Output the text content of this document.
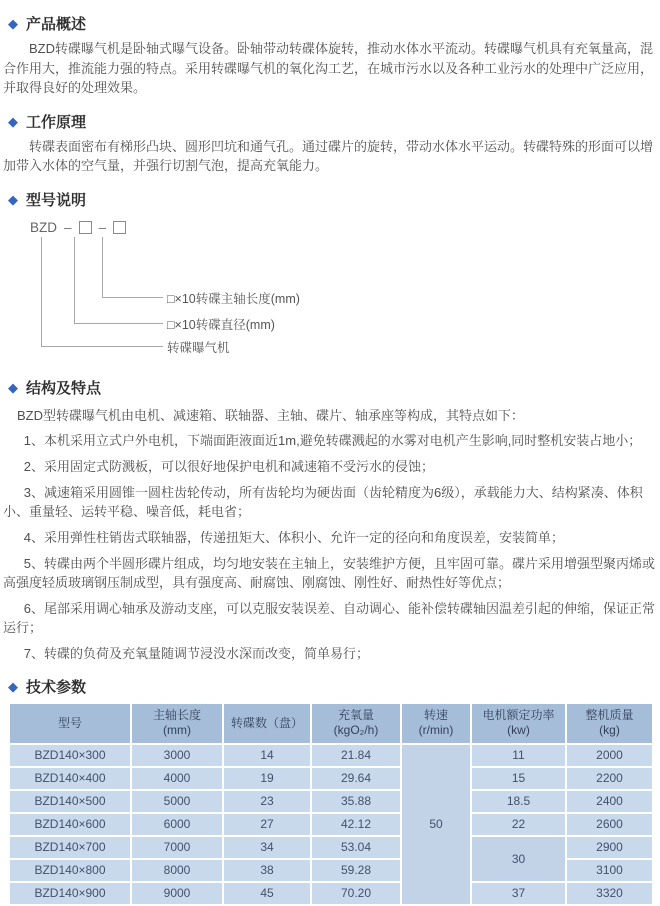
◆ 产品概述

BZD转碟曝气机是卧轴式曝气设备。卧轴带动转碟体旋转，推动水体水平流动。转碟曝气机具有充氧量高，混合作用大，推流能力强的特点。采用转碟曝气机的氧化沟工艺，在城市污水以及各种工业污水的处理中广泛应用，并取得良好的处理效果。

◆ 工作原理

转碟表面密布有梯形凸块、圆形凹坑和通气孔。通过碟片的旋转，带动水体水平运动。转碟特殊的形面可以增加带入水体的空气量，并强行切割气泡，提高充氧能力。

◆ 型号说明
BZD – –
□×10转碟主轴长度(mm)
□×10转碟直径(mm)
转碟曝气机
◆ 结构及特点

BZD型转碟曝气机由电机、减速箱、联轴器、主轴、碟片、轴承座等构成，其特点如下：

1、本机采用立式户外电机，下端面距液面近1m,避免转碟溅起的水雾对电机产生影响,同时整机安装占地小；
2、采用固定式防溅板，可以很好地保护电机和减速箱不受污水的侵蚀；
3、减速箱采用圆锥一圆柱齿轮传动，所有齿轮均为硬齿面（齿轮精度为6级），承载能力大、结构紧凑、体积小、重量轻、运转平稳、噪音低，耗电省；
4、采用弹性柱销齿式联轴器，传递扭矩大、体积小、允许一定的径向和角度误差，安装简单；
5、转碟由两个半圆形碟片组成，均匀地安装在主轴上，安装维护方便，且牢固可靠。碟片采用增强型聚丙烯或高强度轻质玻璃钢压制成型，具有强度高、耐腐蚀、刚腐蚀、刚性好、耐热性好等优点；
6、尾部采用调心轴承及游动支座，可以克服安装误差、自动调心、能补偿转碟轴因温差引起的伸缩，保证正常运行；
7、转碟的负荷及充氧量随调节浸没水深而改变，简单易行；
◆ 技术参数
型号	主轴长度
(mm)	转碟数（盘）	充氧量
(kgO₂/h)	转速
(r/min)	电机额定功率
(kw)	整机质量
(kg)
BZD140×300	3000	14	21.84	50	11	2000
BZD140×400	4000	19	29.64		15	2200
BZD140×500	5000	23	35.88		18.5	2400
BZD140×600	6000	27	42.12		22	2600
BZD140×700	7000	34	53.04		30	2900
BZD140×800	8000	38	59.28			3100
BZD140×900	9000	45	70.20		37	3320
